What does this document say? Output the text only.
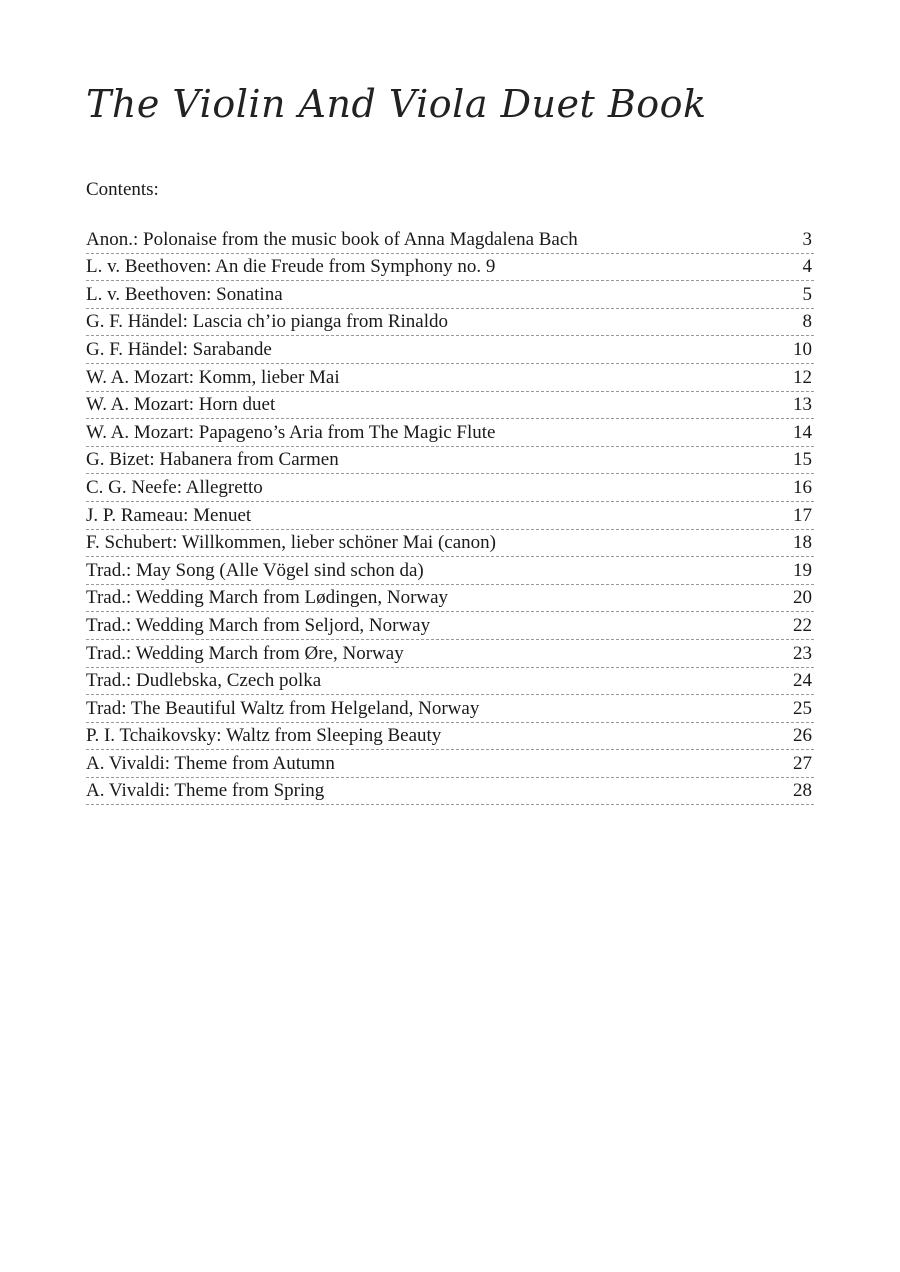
The Violin And Viola Duet Book
Contents:
Anon.: Polonaise from the music book of Anna Magdalena Bach	3
L. v. Beethoven: An die Freude from Symphony no. 9	4
L. v. Beethoven: Sonatina	5
G. F. Händel: Lascia ch’io pianga from Rinaldo	8
G. F. Händel: Sarabande	10
W. A. Mozart: Komm, lieber Mai	12
W. A. Mozart: Horn duet	13
W. A. Mozart: Papageno’s Aria from The Magic Flute	14
G. Bizet: Habanera from Carmen	15
C. G. Neefe: Allegretto	16
J. P. Rameau: Menuet	17
F. Schubert: Willkommen, lieber schöner Mai (canon)	18
Trad.: May Song (Alle Vögel sind schon da)	19
Trad.: Wedding March from Lødingen, Norway	20
Trad.: Wedding March from Seljord, Norway	22
Trad.: Wedding March from Øre, Norway	23
Trad.: Dudlebska, Czech polka	24
Trad: The Beautiful Waltz from Helgeland, Norway	25
P. I. Tchaikovsky: Waltz from Sleeping Beauty	26
A. Vivaldi: Theme from Autumn	27
A. Vivaldi: Theme from Spring	28
